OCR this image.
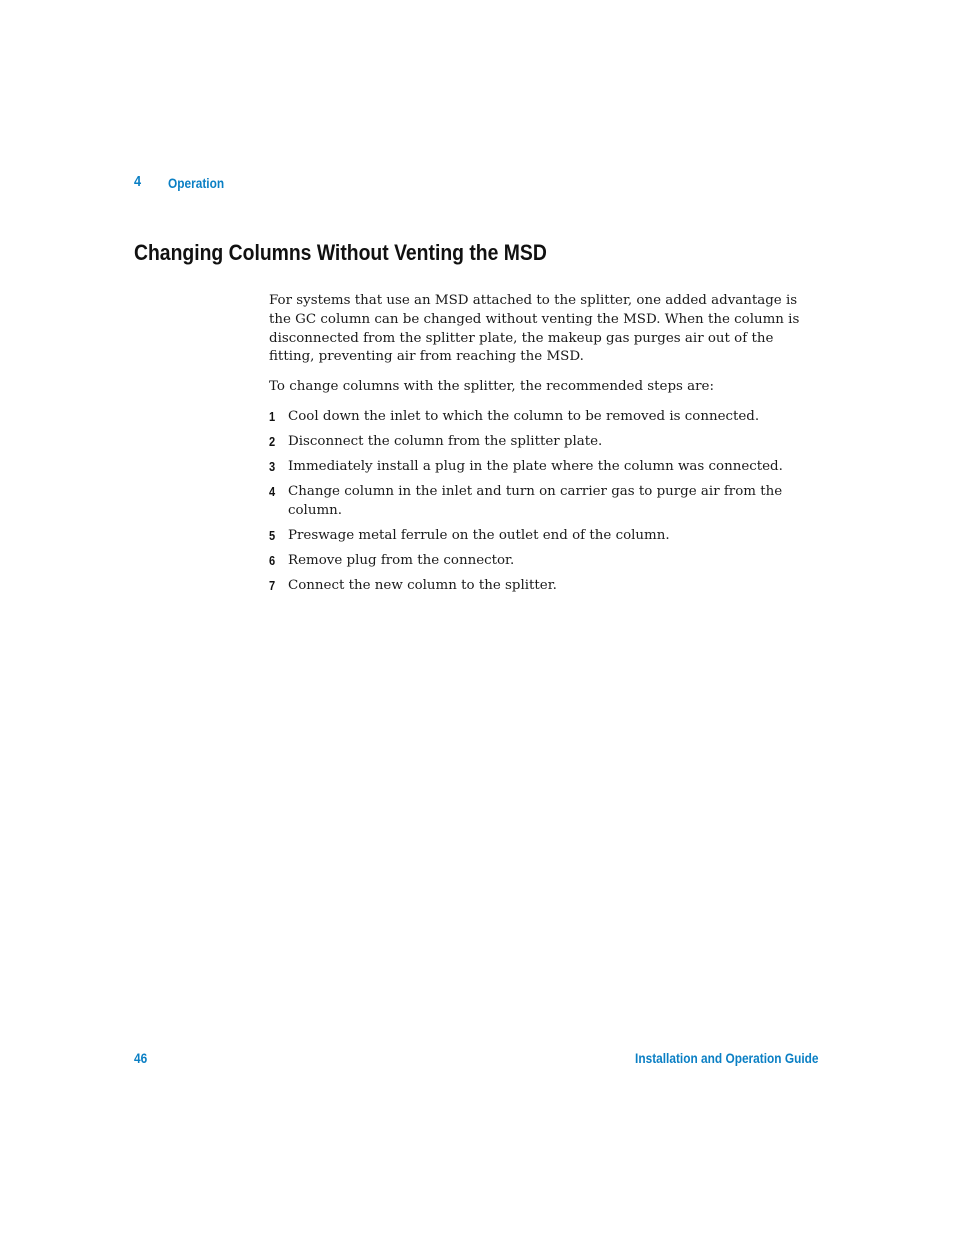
4 Operation
Changing Columns Without Venting the MSD

For systems that use an MSD attached to the splitter, one added advantage is the GC column can be changed without venting the MSD. When the column is disconnected from the splitter plate, the makeup gas purges air out of the fitting, preventing air from reaching the MSD.

To change columns with the splitter, the recommended steps are:

1 Cool down the inlet to which the column to be removed is connected.
2 Disconnect the column from the splitter plate.
3 Immediately install a plug in the plate where the column was connected.
4 Change column in the inlet and turn on carrier gas to purge air from the column.
5 Preswage metal ferrule on the outlet end of the column.
6 Remove plug from the connector.
7 Connect the new column to the splitter.
46	Installation and Operation Guide
